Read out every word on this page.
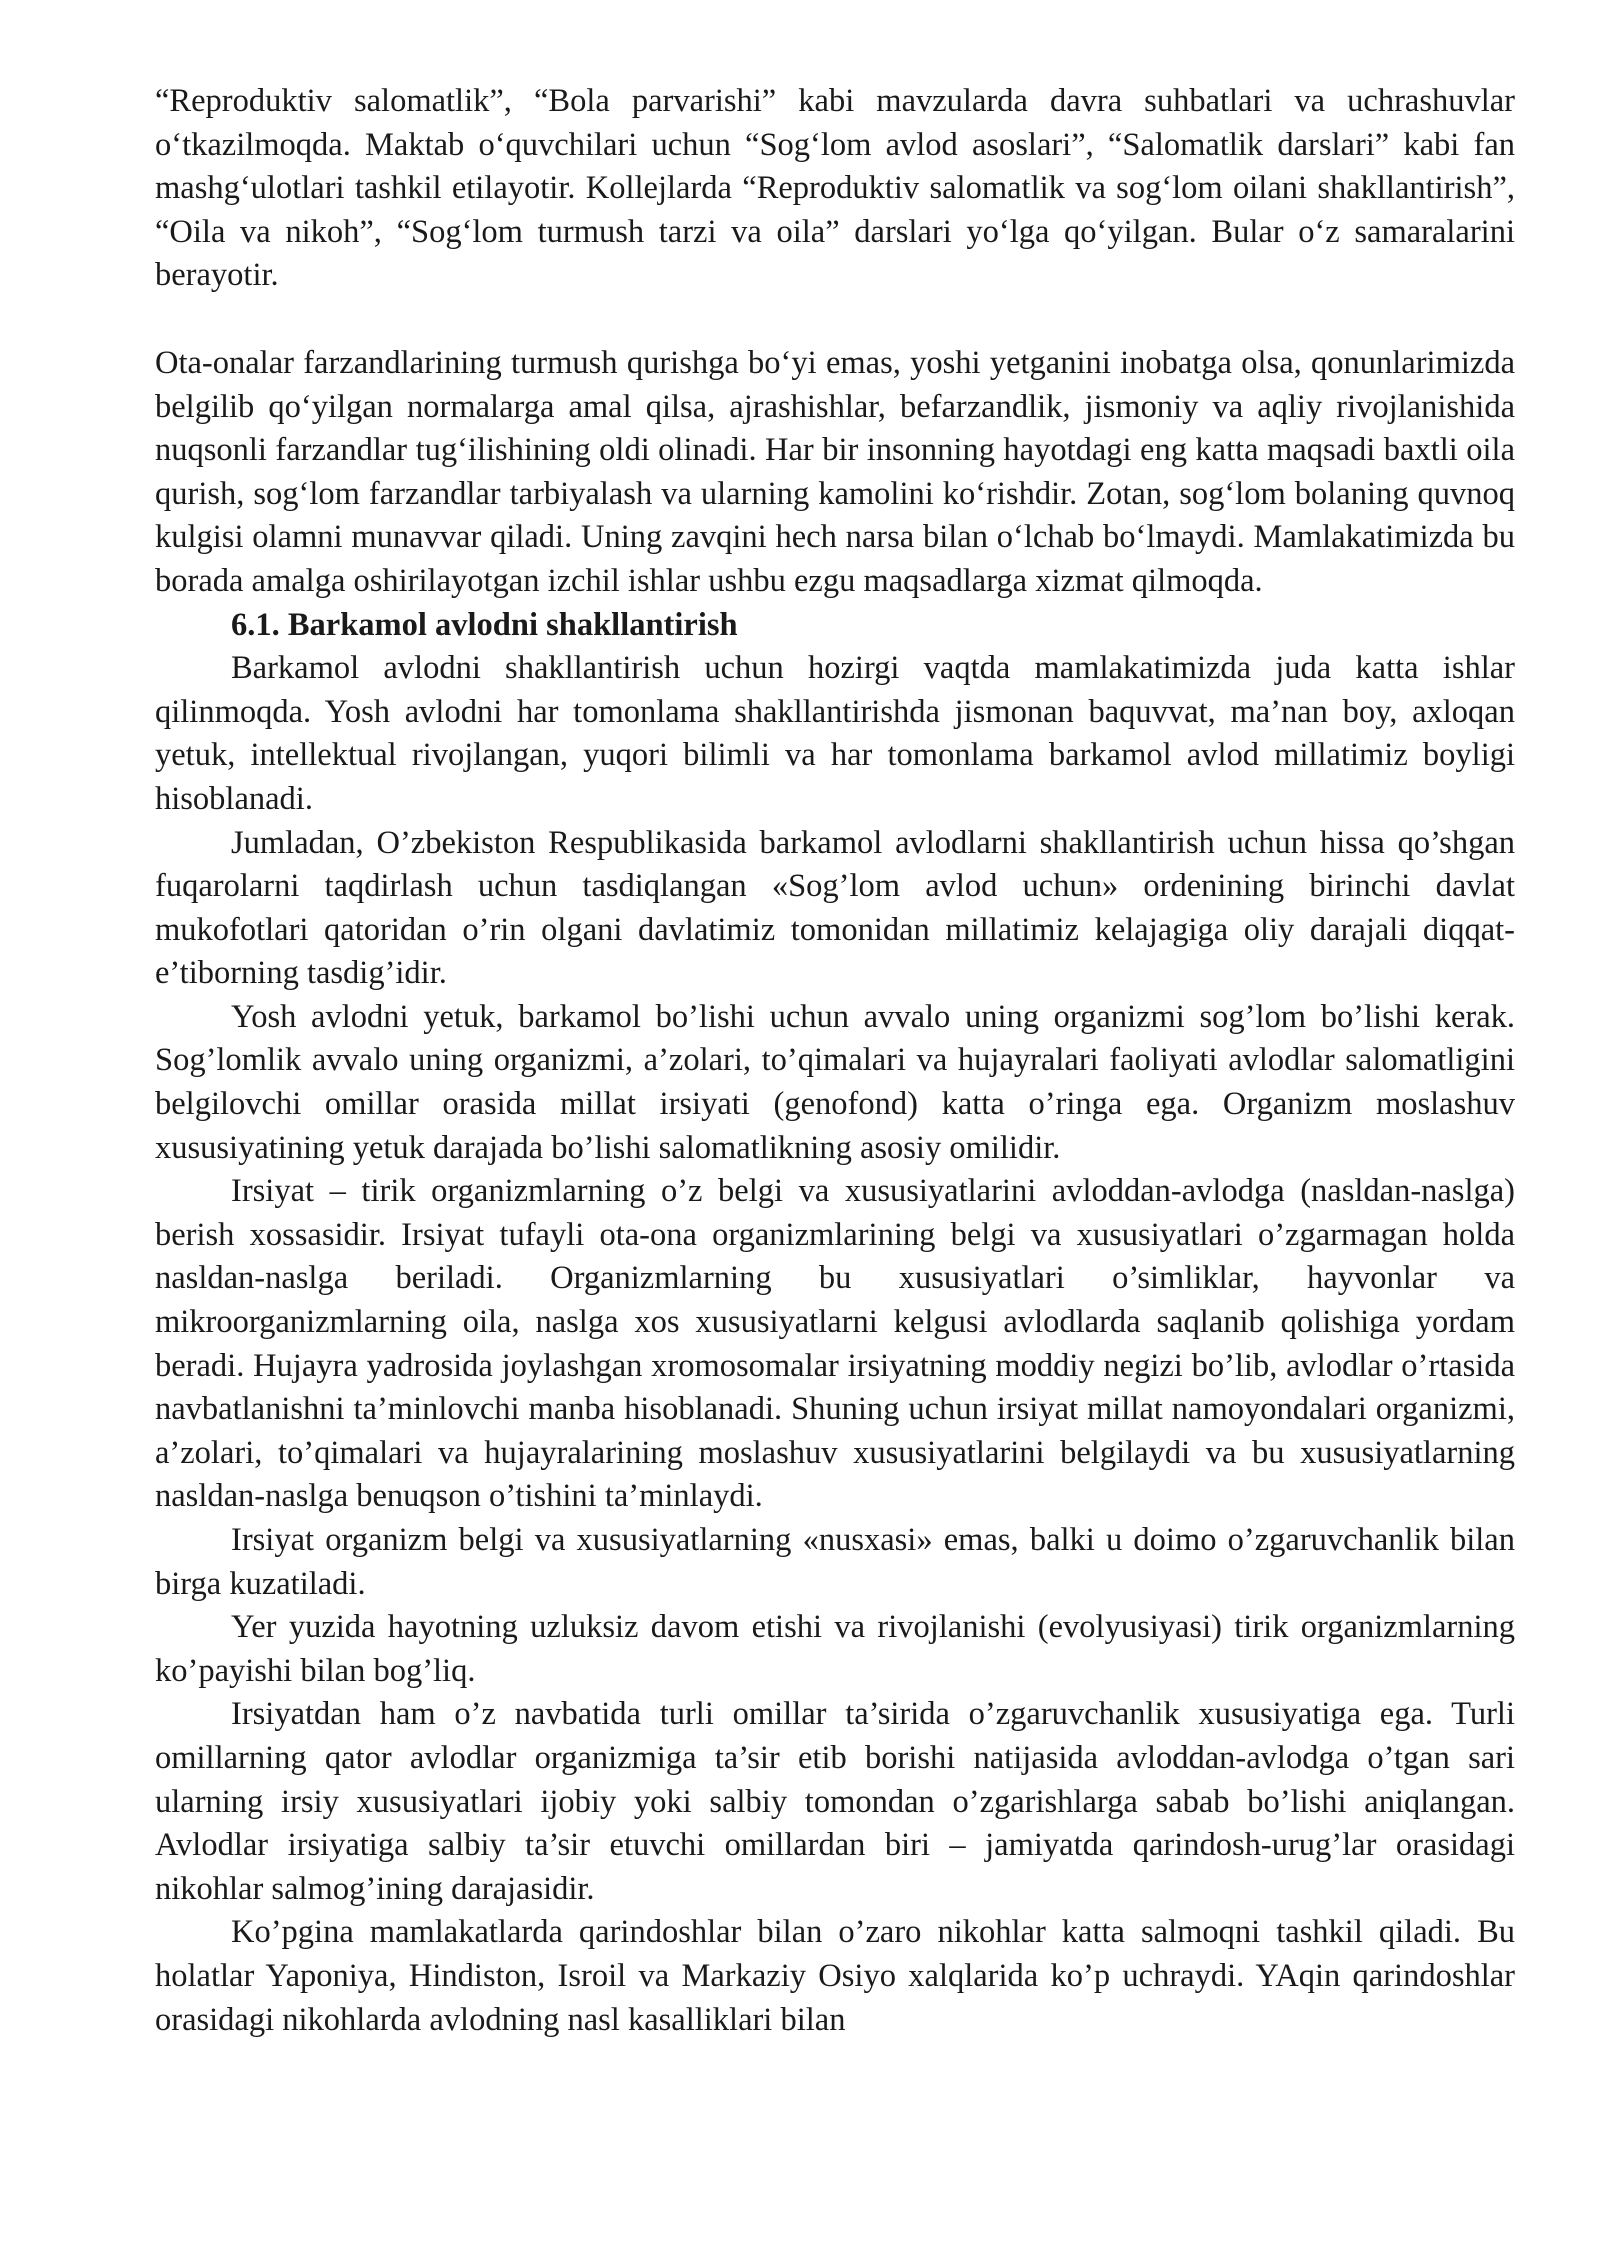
“Reproduktiv salomatlik”, “Bola parvarishi” kabi mavzularda davra suhbatlari va uchrashuvlar o‘tkazilmoqda. Maktab o‘quvchilari uchun “Sog‘lom avlod asoslari”, “Salomatlik darslari” kabi fan mashg‘ulotlari tashkil etilayotir. Kollejlarda “Reproduktiv salomatlik va sog‘lom oilani shakllantirish”, “Oila va nikoh”, “Sog‘lom turmush tarzi va oila” darslari yo‘lga qo‘yilgan. Bular o‘z samaralarini berayotir.

Ota-onalar farzandlarining turmush qurishga bo‘yi emas, yoshi yetganini inobatga olsa, qonunlarimizda belgilib qo‘yilgan normalarga amal qilsa, ajrashishlar, befarzandlik, jismoniy va aqliy rivojlanishida nuqsonli farzandlar tug‘ilishining oldi olinadi. Har bir insonning hayotdagi eng katta maqsadi baxtli oila qurish, sog‘lom farzandlar tarbiyalash va ularning kamolini ko‘rishdir. Zotan, sog‘lom bolaning quvnoq kulgisi olamni munavvar qiladi. Uning zavqini hech narsa bilan o‘lchab bo‘lmaydi. Mamlakatimizda bu borada amalga oshirilayotgan izchil ishlar ushbu ezgu maqsadlarga xizmat qilmoqda.

6.1. Barkamol avlodni shakllantirish

Barkamol avlodni shakllantirish uchun hozirgi vaqtda mamlakatimizda juda katta ishlar qilinmoqda. Yosh avlodni har tomonlama shakllantirishda jismonan baquvvat, ma’nan boy, axloqan yetuk, intellektual rivojlangan, yuqori bilimli va har tomonlama barkamol avlod millatimiz boyligi hisoblanadi.

Jumladan, O’zbekiston Respublikasida barkamol avlodlarni shakllantirish uchun hissa qo’shgan fuqarolarni taqdirlash uchun tasdiqlangan «Sog’lom avlod uchun» ordenining birinchi davlat mukofotlari qatoridan o’rin olgani davlatimiz tomonidan millatimiz kelajagiga oliy darajali diqqat-e’tiborning tasdig’idir.

Yosh avlodni yetuk, barkamol bo’lishi uchun avvalo uning organizmi sog’lom bo’lishi kerak. Sog’lomlik avvalo uning organizmi, a’zolari, to’qimalari va hujayralari faoliyati avlodlar salomatligini belgilovchi omillar orasida millat irsiyati (genofond) katta o’ringa ega. Organizm moslashuv xususiyatining yetuk darajada bo’lishi salomatlikning asosiy omilidir.

Irsiyat – tirik organizmlarning o’z belgi va xususiyatlarini avloddan-avlodga (nasldan-naslga) berish xossasidir. Irsiyat tufayli ota-ona organizmlarining belgi va xususiyatlari o’zgarmagan holda nasldan-naslga beriladi. Organizmlarning bu xususiyatlari o’simliklar, hayvonlar va mikroorganizmlarning oila, naslga xos xususiyatlarni kelgusi avlodlarda saqlanib qolishiga yordam beradi. Hujayra yadrosida joylashgan xromosomalar irsiyatning moddiy negizi bo’lib, avlodlar o’rtasida navbatlanishni ta’minlovchi manba hisoblanadi. Shuning uchun irsiyat millat namoyondalari organizmi, a’zolari, to’qimalari va hujayralarining moslashuv xususiyatlarini belgilaydi va bu xususiyatlarning nasldan-naslga benuqson o’tishini ta’minlaydi.

Irsiyat organizm belgi va xususiyatlarning «nusxasi» emas, balki u doimo o’zgaruvchanlik bilan birga kuzatiladi.

Yer yuzida hayotning uzluksiz davom etishi va rivojlanishi (evolyusiyasi) tirik organizmlarning ko’payishi bilan bog’liq.

Irsiyatdan ham o’z navbatida turli omillar ta’sirida o’zgaruvchanlik xususiyatiga ega. Turli omillarning qator avlodlar organizmiga ta’sir etib borishi natijasida avloddan-avlodga o’tgan sari ularning irsiy xususiyatlari ijobiy yoki salbiy tomondan o’zgarishlarga sabab bo’lishi aniqlangan. Avlodlar irsiyatiga salbiy ta’sir etuvchi omillardan biri – jamiyatda qarindosh-urug’lar orasidagi nikohlar salmog’ining darajasidir.

Ko’pgina mamlakatlarda qarindoshlar bilan o’zaro nikohlar katta salmoqni tashkil qiladi. Bu holatlar Yaponiya, Hindiston, Isroil va Markaziy Osiyo xalqlarida ko’p uchraydi. YAqin qarindoshlar orasidagi nikohlarda avlodning nasl kasalliklari bilan
